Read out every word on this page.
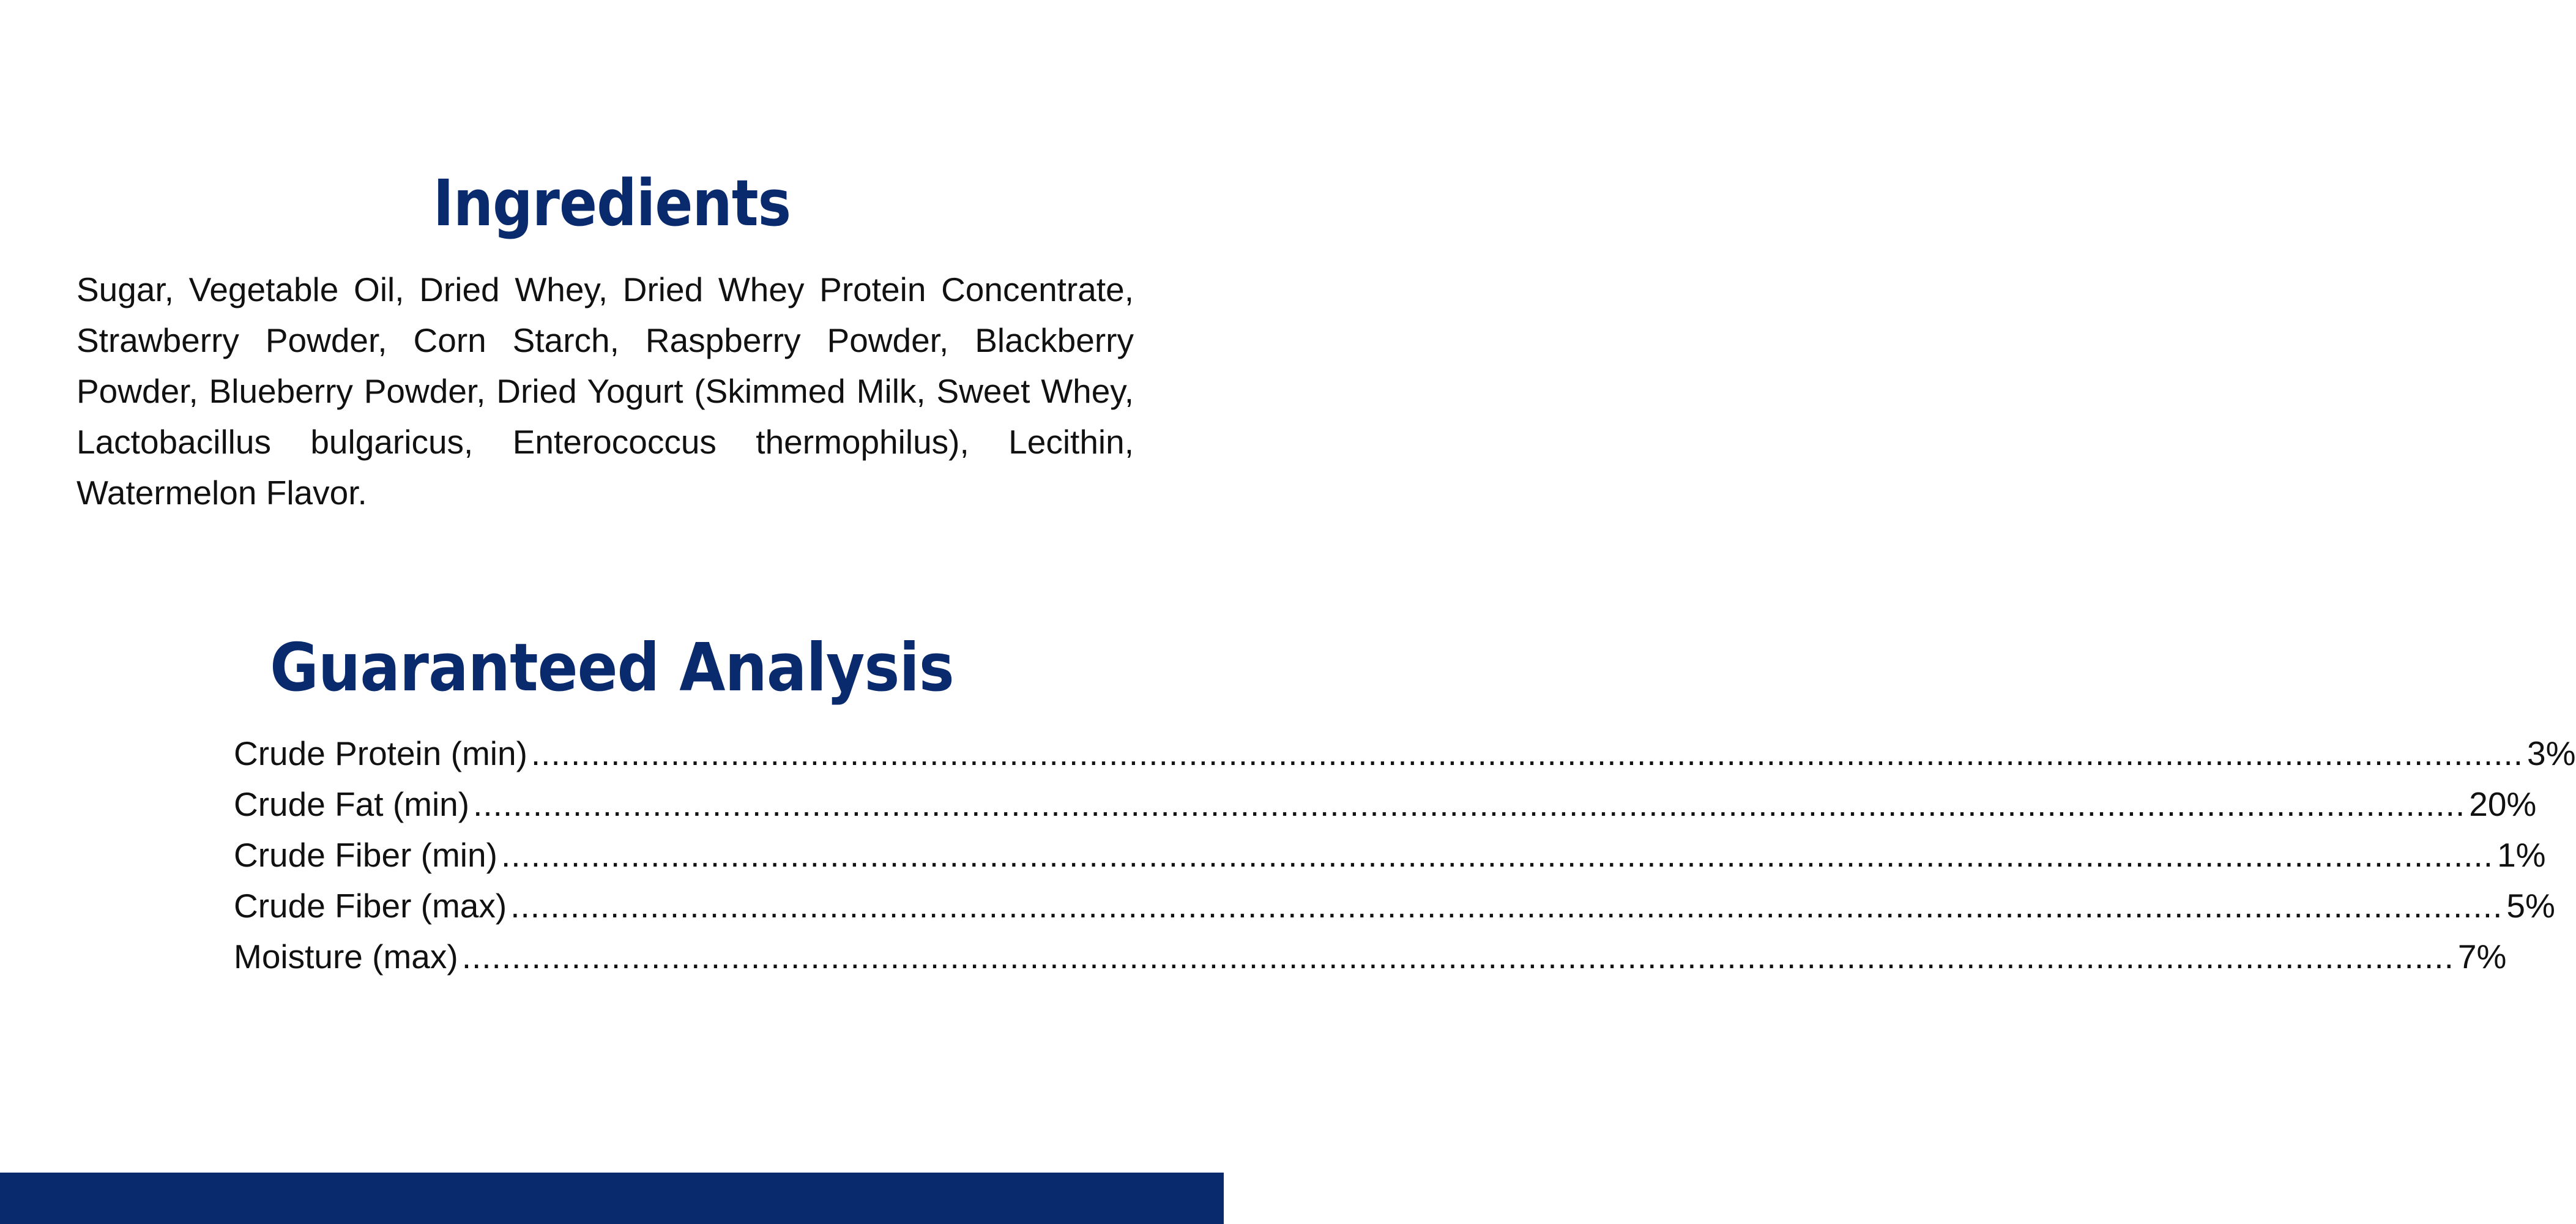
Ingredients

Sugar, Vegetable Oil, Dried Whey, Dried Whey Protein Concentrate, Strawberry Powder, Corn Starch, Raspberry Powder, Blackberry Powder, Blueberry Powder, Dried Yogurt (Skimmed Milk, Sweet Whey, Lactobacillus bulgaricus, Enterococcus thermophilus), Lecithin, Watermelon Flavor.

Guaranteed Analysis
Crude Protein (min) ........................................................................................................................................................................................................ 3%
Crude Fat (min) ........................................................................................................................................................................................................ 20%
Crude Fiber (min) ........................................................................................................................................................................................................ 1%
Crude Fiber (max) ........................................................................................................................................................................................................ 5%
Moisture (max) ........................................................................................................................................................................................................ 7%
